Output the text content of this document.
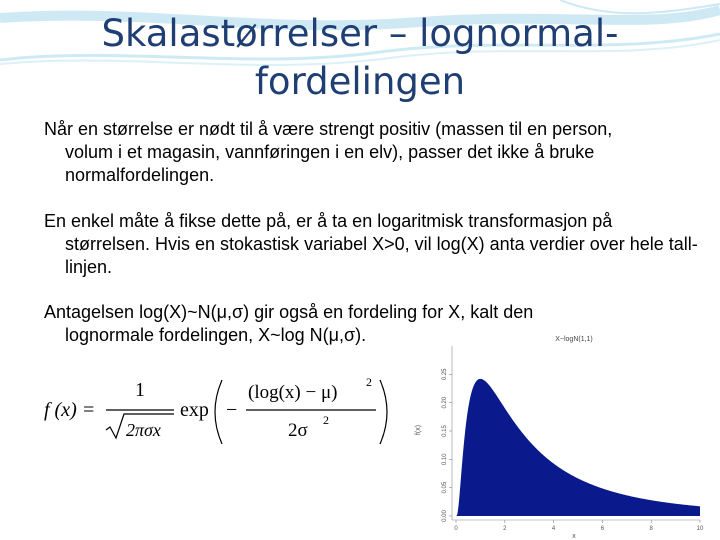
Skalastørrelser – lognormal-
fordelingen

Når en størrelse er nødt til å være strengt positiv (massen til en person,
volum i et magasin, vannføringen i en elv), passer det ikke å bruke normalfordelingen.

En enkel måte å fikse dette på, er å ta en logaritmisk transformasjon på
størrelsen. Hvis en stokastisk variabel X>0, vil log(X) anta verdier over hele tall-linjen.

Antagelsen log(X)~N(μ,σ) gir også en fordeling for X, kalt den
lognormale fordelingen, X~log N(μ,σ).

f (x) =
1
2πσx
exp −
(log(x) − μ) 2
2σ 2
X~logN(1,1)
f(x)
x
0	2	4	6	8	10
0.00
0.05
0.10
0.15
0.20
0.25
